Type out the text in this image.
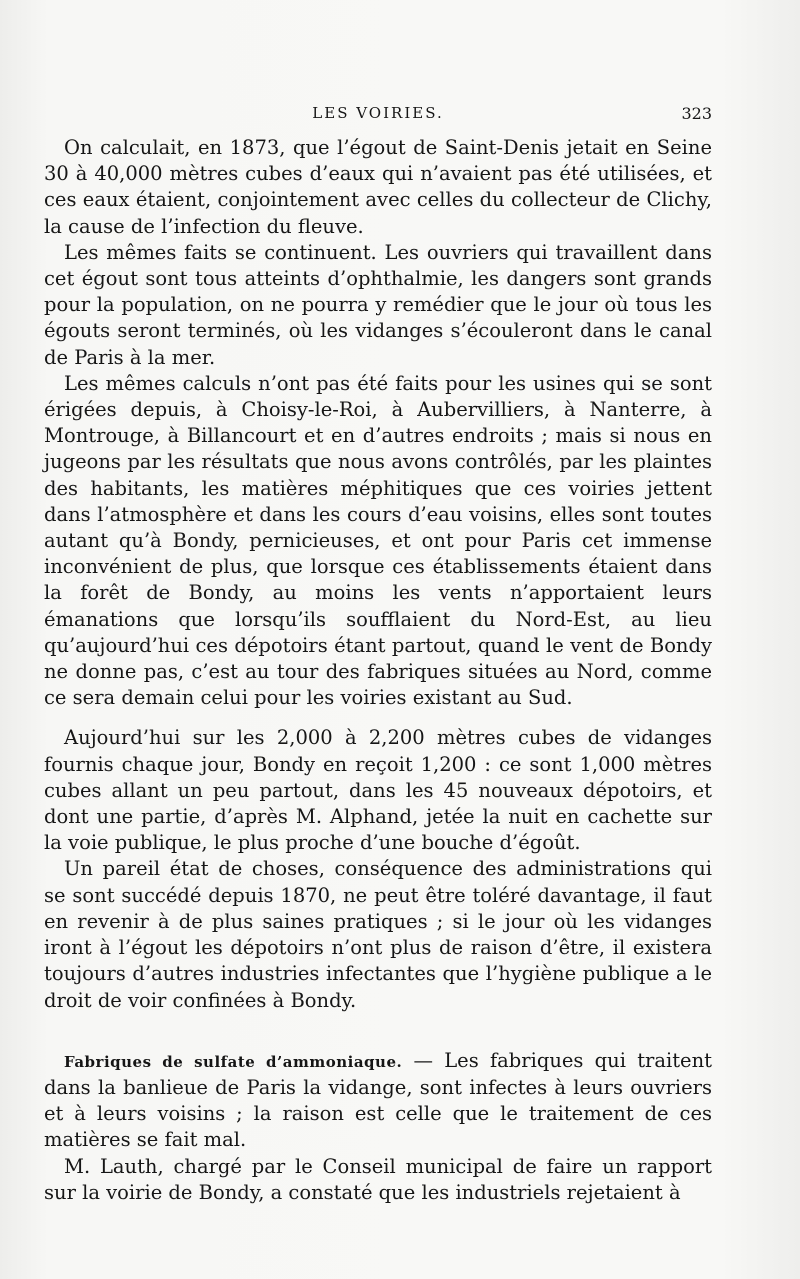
LES VOIRIES.	323

On calculait, en 1873, que l’égout de Saint-Denis jetait en Seine 30 à 40,000 mètres cubes d’eaux qui n’avaient pas été utilisées, et ces eaux étaient, conjointement avec celles du collecteur de Clichy, la cause de l’infection du fleuve.

Les mêmes faits se continuent. Les ouvriers qui travaillent dans cet égout sont tous atteints d’ophthalmie, les dangers sont grands pour la population, on ne pourra y remédier que le jour où tous les égouts seront terminés, où les vidanges s’écouleront dans le canal de Paris à la mer.

Les mêmes calculs n’ont pas été faits pour les usines qui se sont érigées depuis, à Choisy-le-Roi, à Aubervilliers, à Nanterre, à Montrouge, à Billancourt et en d’autres endroits ; mais si nous en jugeons par les résultats que nous avons contrôlés, par les plaintes des habitants, les matières méphitiques que ces voiries jettent dans l’atmosphère et dans les cours d’eau voisins, elles sont toutes autant qu’à Bondy, pernicieuses, et ont pour Paris cet immense inconvénient de plus, que lorsque ces établissements étaient dans la forêt de Bondy, au moins les vents n’apportaient leurs émanations que lorsqu’ils soufflaient du Nord-Est, au lieu qu’aujourd’hui ces dépotoirs étant partout, quand le vent de Bondy ne donne pas, c’est au tour des fabriques situées au Nord, comme ce sera demain celui pour les voiries existant au Sud.

Aujourd’hui sur les 2,000 à 2,200 mètres cubes de vidanges fournis chaque jour, Bondy en reçoit 1,200 : ce sont 1,000 mètres cubes allant un peu partout, dans les 45 nouveaux dépotoirs, et dont une partie, d’après M. Alphand, jetée la nuit en cachette sur la voie publique, le plus proche d’une bouche d’égoût.

Un pareil état de choses, conséquence des administrations qui se sont succédé depuis 1870, ne peut être toléré davantage, il faut en revenir à de plus saines pratiques ; si le jour où les vidanges iront à l’égout les dépotoirs n’ont plus de raison d’être, il existera toujours d’autres industries infectantes que l’hygiène publique a le droit de voir confinées à Bondy.

Fabriques de sulfate d’ammoniaque. — Les fabriques qui traitent dans la banlieue de Paris la vidange, sont infectes à leurs ouvriers et à leurs voisins ; la raison est celle que le traitement de ces matières se fait mal.

M. Lauth, chargé par le Conseil municipal de faire un rapport sur la voirie de Bondy, a constaté que les industriels rejetaient à
